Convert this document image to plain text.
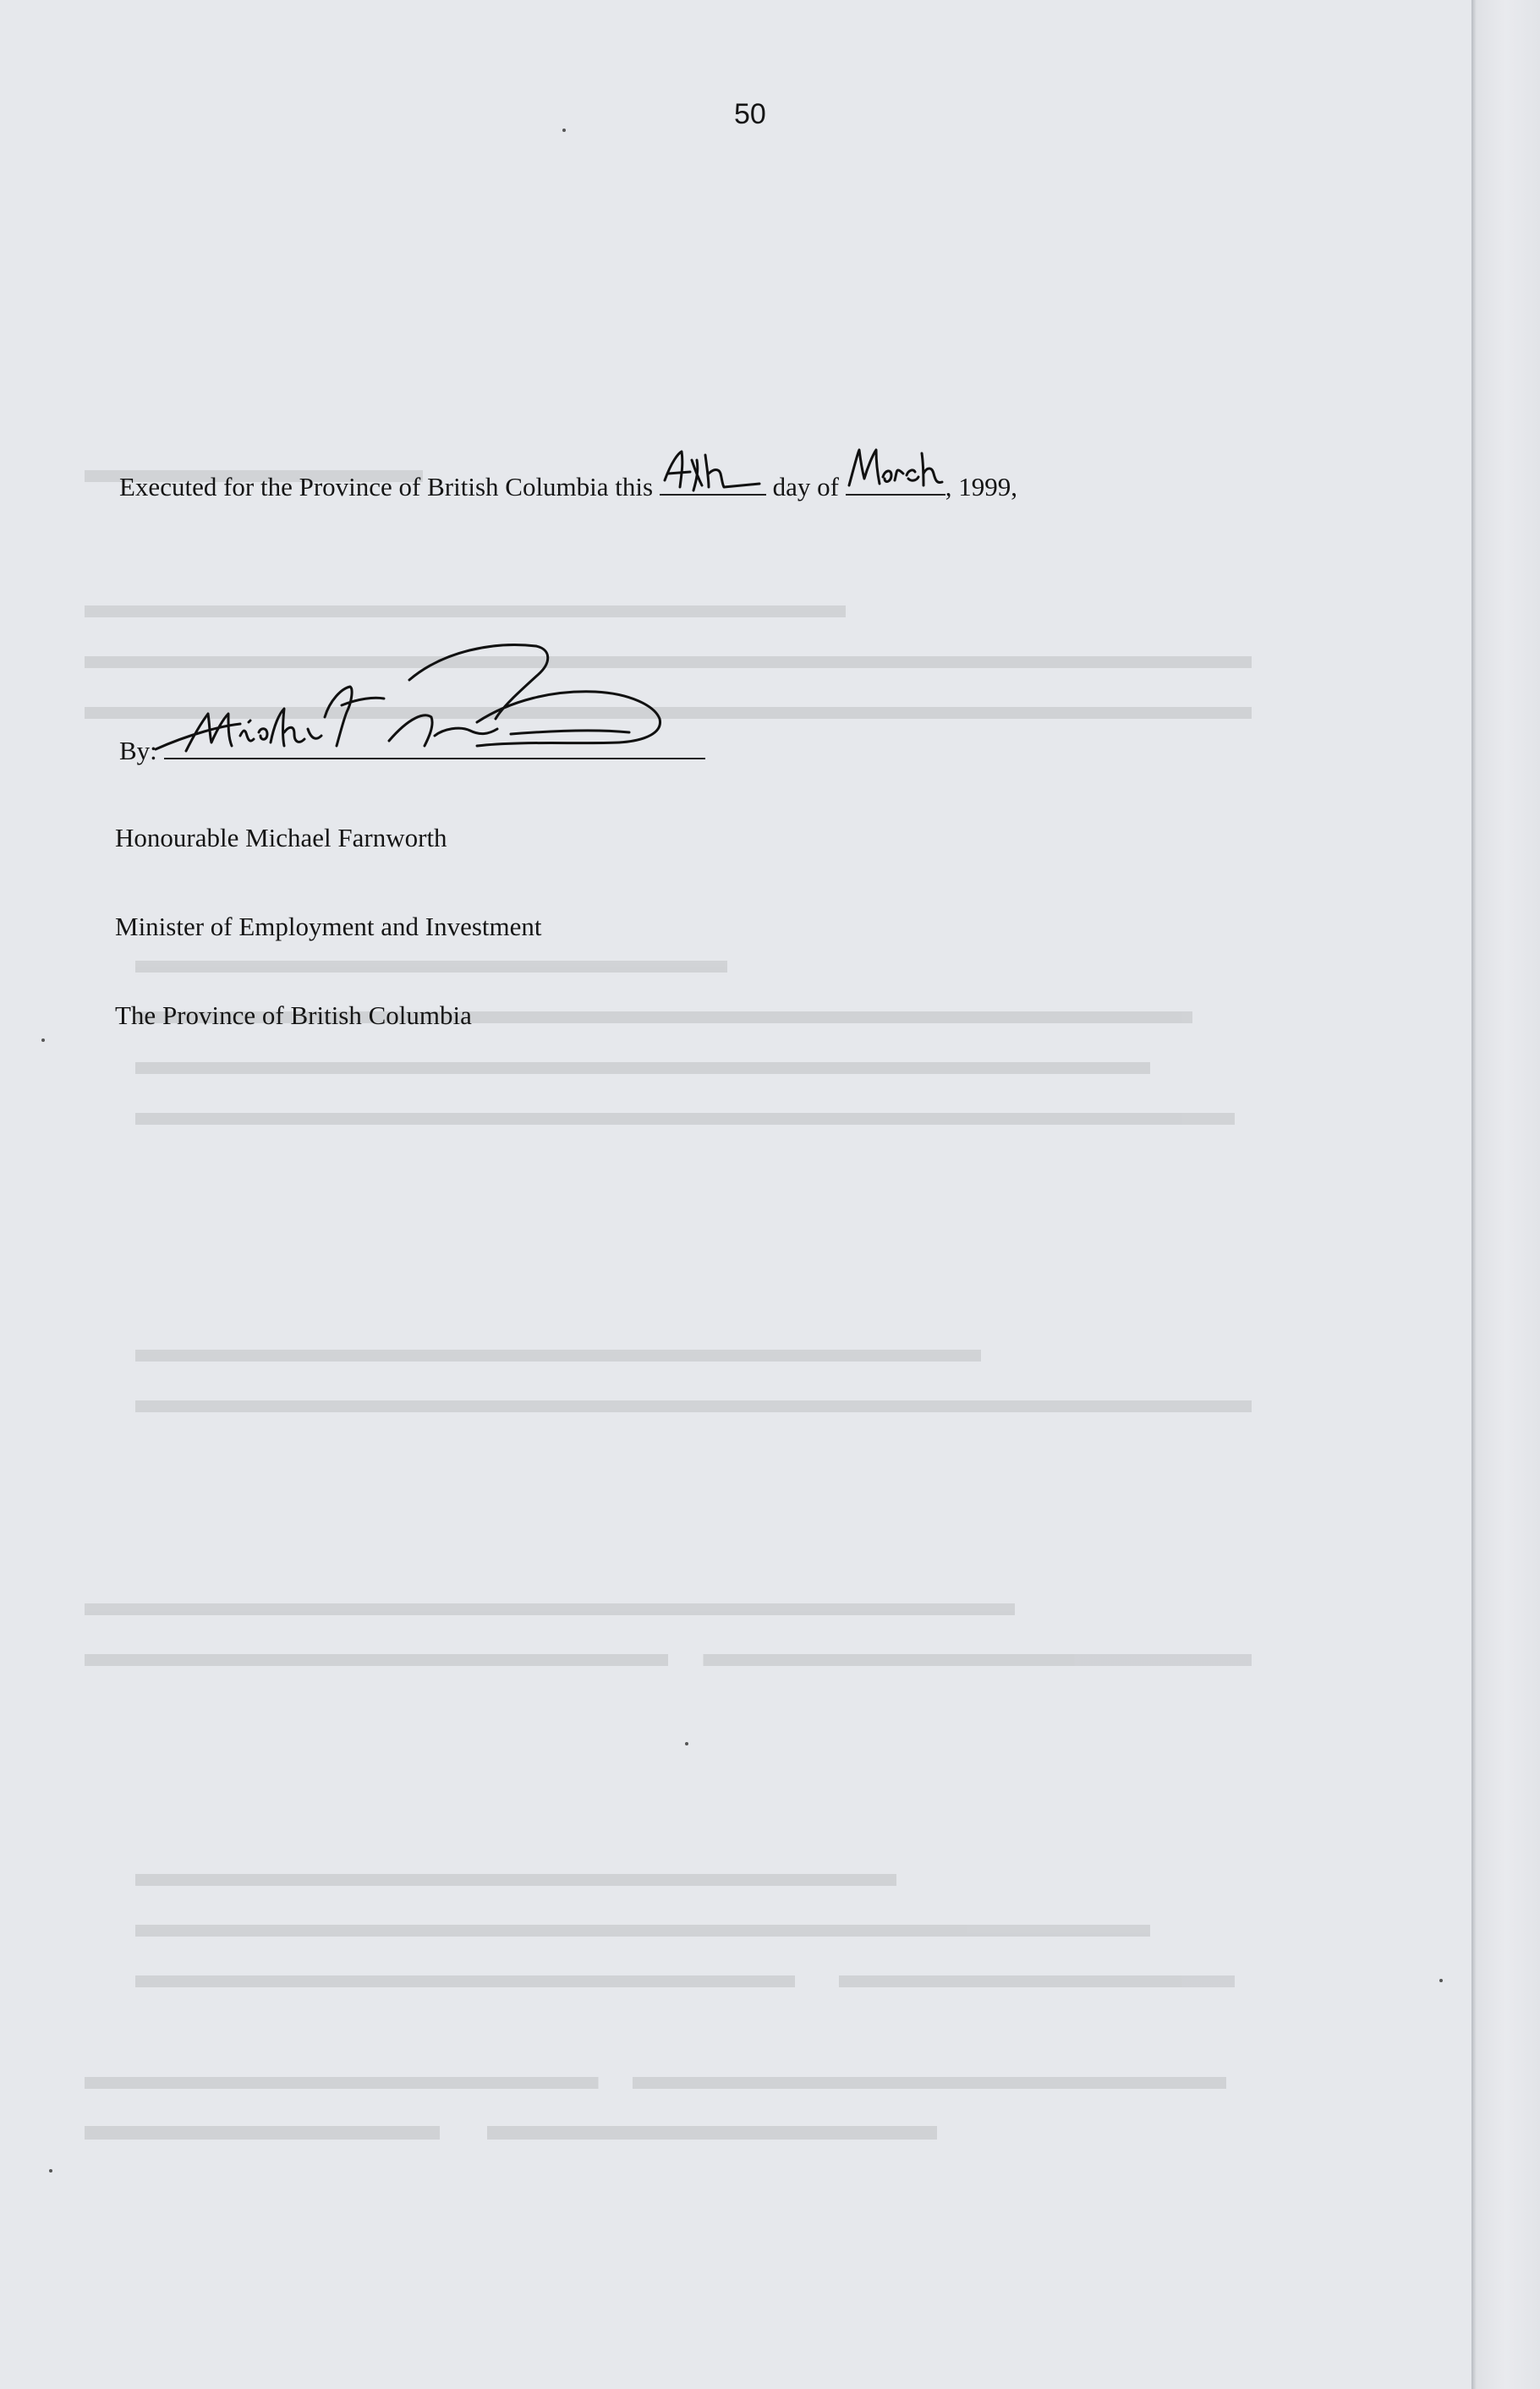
50
Executed for the Province of British Columbia this	day of	, 1999,
By:
Honourable Michael Farnworth
Minister of Employment and Investment
The Province of British Columbia
